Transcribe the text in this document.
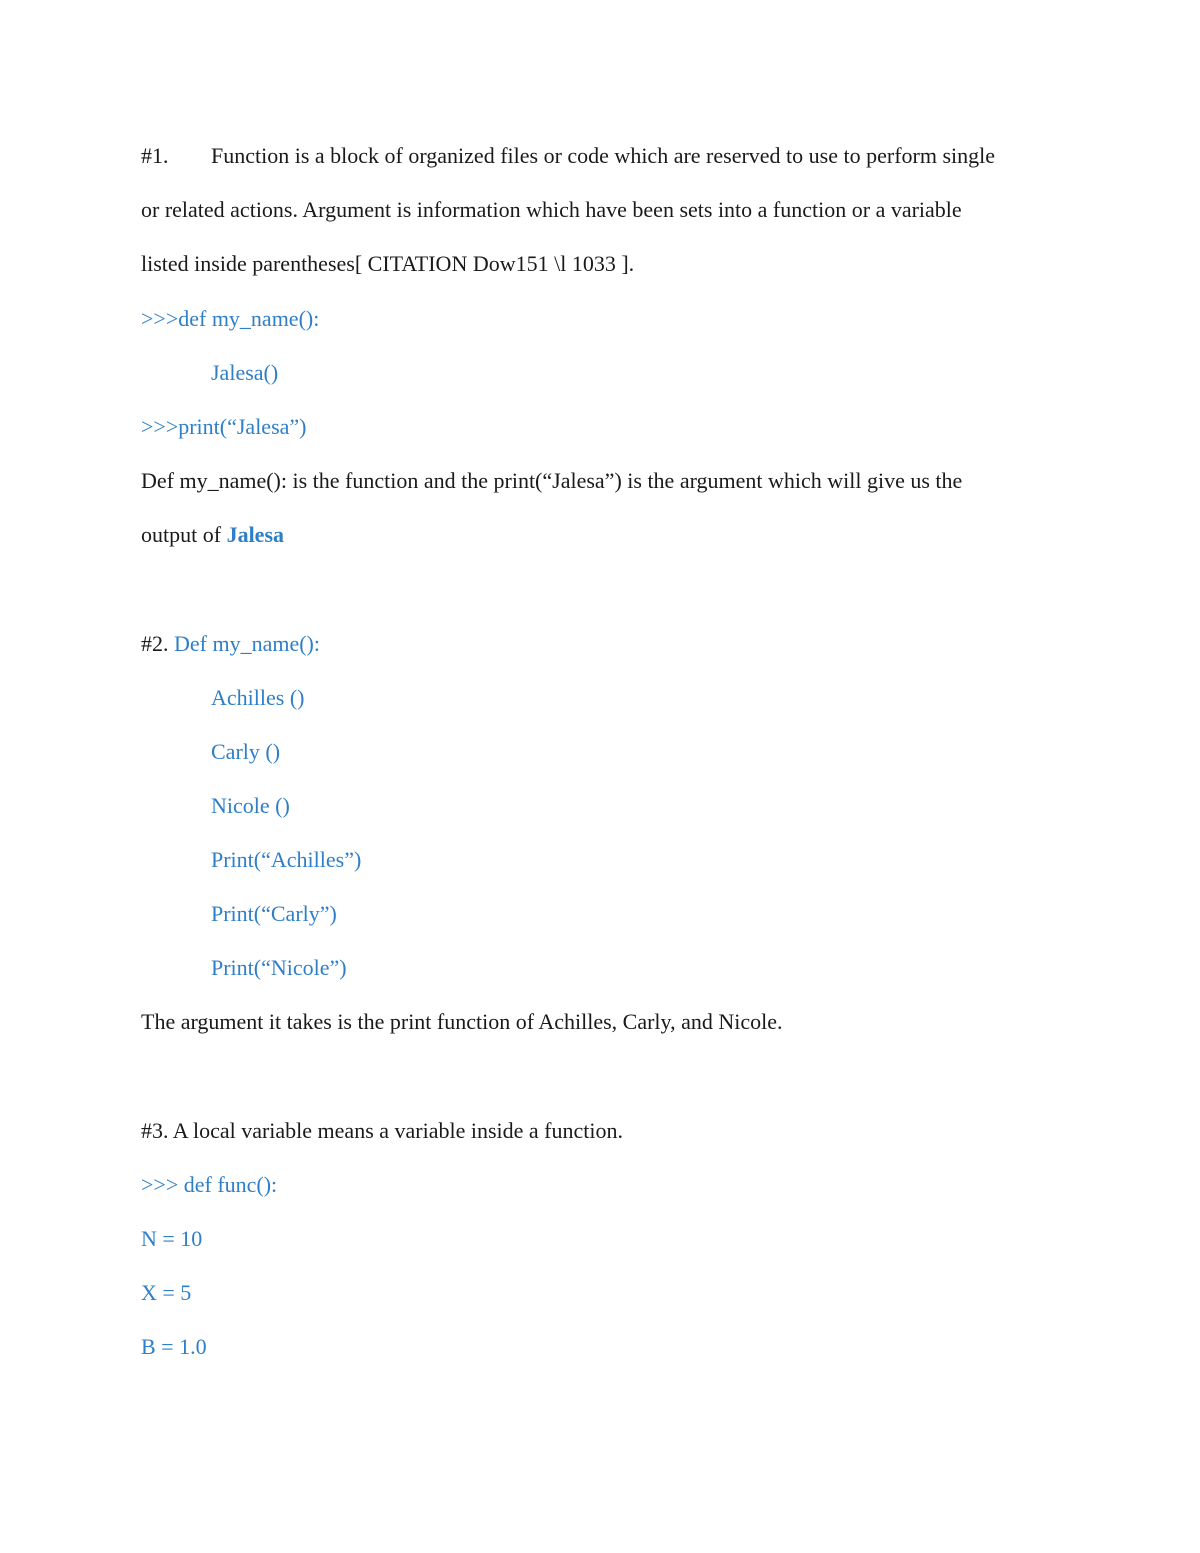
#1. Function is a block of organized files or code which are reserved to use to perform single
or related actions. Argument is information which have been sets into a function or a variable
listed inside parentheses[ CITATION Dow151 \l 1033 ].
>>>def my_name():
Jalesa()
>>>print(“Jalesa”)
Def my_name(): is the function and the print(“Jalesa”) is the argument which will give us the
output of Jalesa
#2. Def my_name():
Achilles ()
Carly ()
Nicole ()
Print(“Achilles”)
Print(“Carly”)
Print(“Nicole”)
The argument it takes is the print function of Achilles, Carly, and Nicole.
#3. A local variable means a variable inside a function.
>>> def func():
N = 10
X = 5
B = 1.0
